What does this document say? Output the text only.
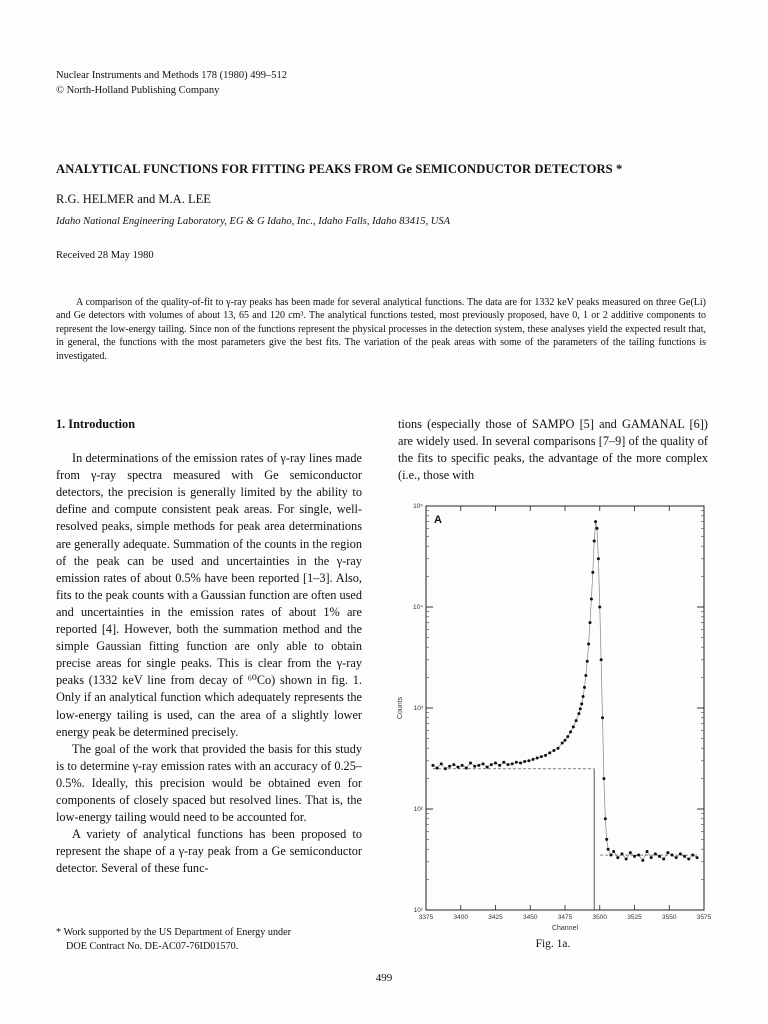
Nuclear Instruments and Methods 178 (1980) 499–512
© North-Holland Publishing Company
ANALYTICAL FUNCTIONS FOR FITTING PEAKS FROM Ge SEMICONDUCTOR DETECTORS *
R.G. HELMER and M.A. LEE
Idaho National Engineering Laboratory, EG & G Idaho, Inc., Idaho Falls, Idaho 83415, USA
Received 28 May 1980
A comparison of the quality-of-fit to γ-ray peaks has been made for several analytical functions. The data are for 1332 keV peaks measured on three Ge(Li) and Ge detectors with volumes of about 13, 65 and 120 cm³. The analytical functions tested, most previously proposed, have 0, 1 or 2 additive components to represent the low-energy tailing. Since non of the functions represent the physical processes in the detection system, these analyses yield the expected result that, in general, the functions with the most parameters give the best fits. The variation of the peak areas with some of the parameters of the tailing functions is investigated.
1. Introduction

In determinations of the emission rates of γ-ray lines made from γ-ray spectra measured with Ge semiconductor detectors, the precision is generally limited by the ability to define and compute consistent peak areas. For single, well-resolved peaks, simple methods for peak area determinations are generally adequate. Summation of the counts in the region of the peak can be used and uncertainties in the γ-ray emission rates of about 0.5% have been reported [1–3]. Also, fits to the peak counts with a Gaussian function are often used and uncertainties in the emission rates of about 1% are reported [4]. However, both the summation method and the simple Gaussian fitting function are only able to obtain precise areas for single peaks. This is clear from the γ-ray peaks (1332 keV line from decay of ⁶⁰Co) shown in fig. 1. Only if an analytical function which adequately represents the low-energy tailing is used, can the area of a slightly lower energy peak be determined precisely.

The goal of the work that provided the basis for this study is to determine γ-ray emission rates with an accuracy of 0.25–0.5%. Ideally, this precision would be obtained even for components of closely spaced but resolved lines. That is, the low-energy tailing would need to be accounted for.

A variety of analytical functions has been proposed to represent the shape of a γ-ray peak from a Ge semiconductor detector. Several of these func-

* Work supported by the US Department of Energy under
DOE Contract No. DE-AC07-76ID01570.

tions (especially those of SAMPO [5] and GAMANAL [6]) are widely used. In several comparisons [7–9] of the quality of the fits to specific peaks, the advantage of the more complex (i.e., those with

3375	3400	3425	3450	3475	3500	3525	3550	3575
10¹
10²
10³
10⁴
10⁵
Channel
Counts
A
Fig. 1a.
499
